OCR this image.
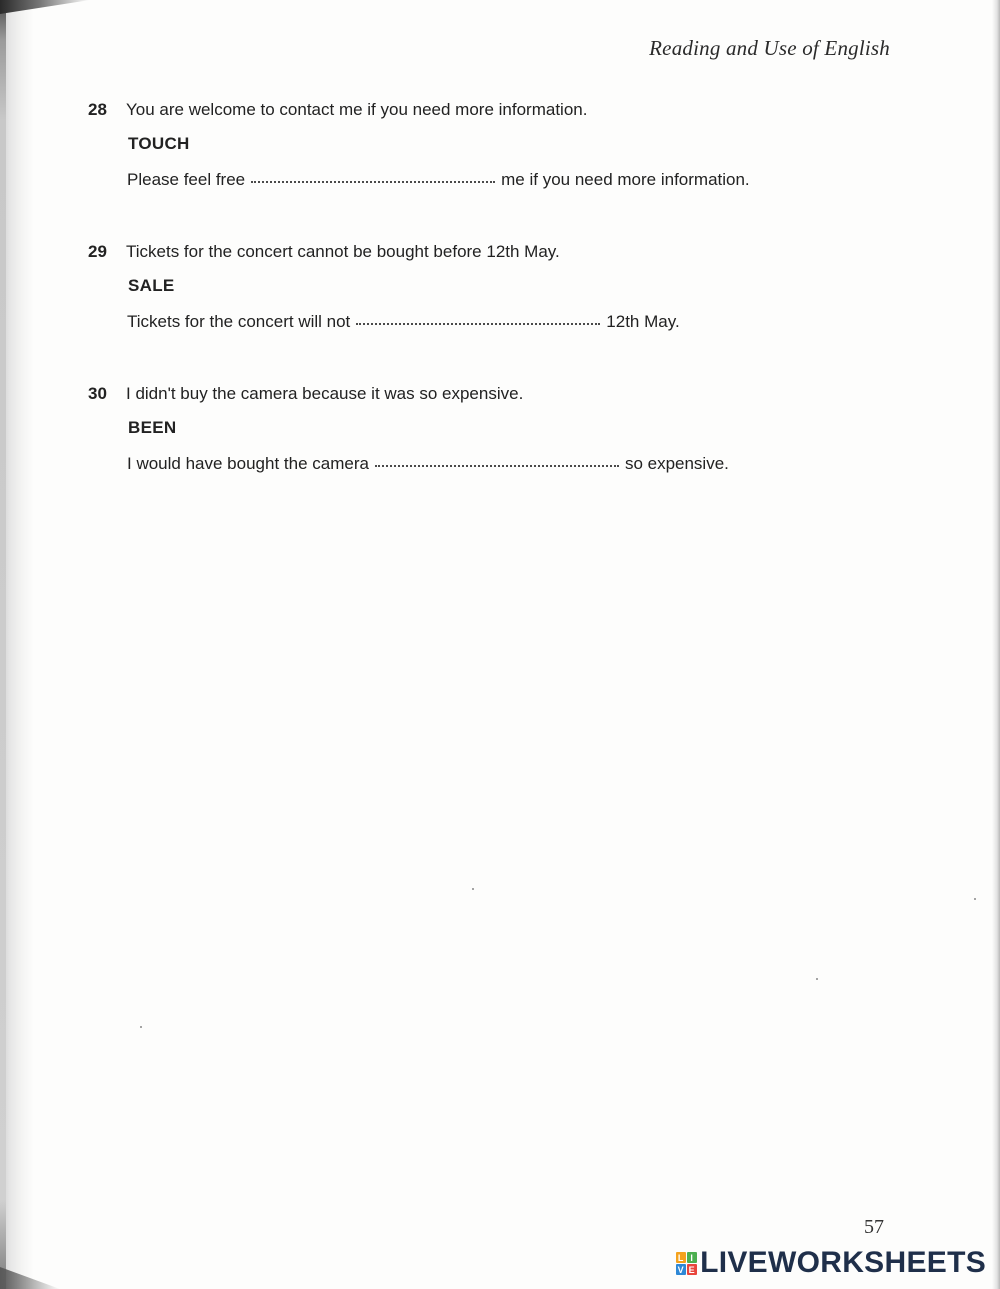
Reading and Use of English
28 You are welcome to contact me if you need more information.
TOUCH
Please feel free	me if you need more information.
29 Tickets for the concert cannot be bought before 12th May.
SALE
Tickets for the concert will not	12th May.
30 I didn't buy the camera because it was so expensive.
BEEN
I would have bought the camera	so expensive.
57
L I
V E LIVEWORKSHEETS
